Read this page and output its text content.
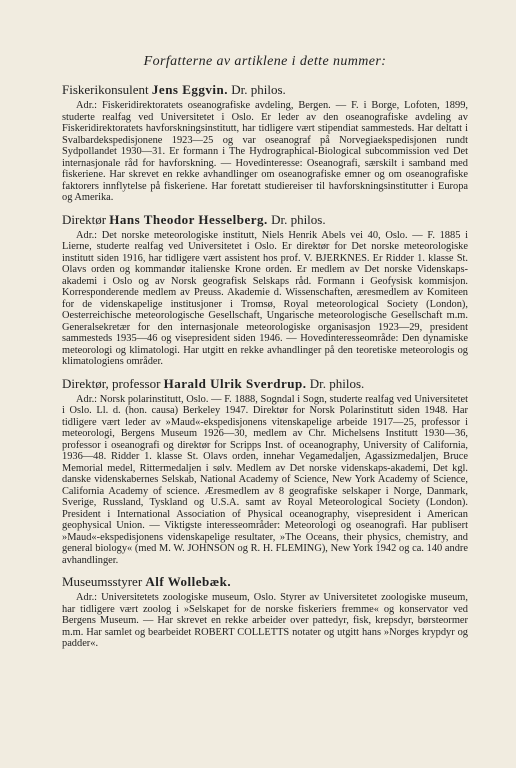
Forfatterne av artiklene i dette nummer:
Fiskerikonsulent Jens Eggvin. Dr. philos.

Adr.: Fiskeridirektoratets oseanografiske avdeling, Bergen. — F. i Borge, Lofoten, 1899, studerte realfag ved Universitetet i Oslo. Er leder av den oseanografiske avdeling av Fiskeridirektoratets havforskningsinstitutt, har tidligere vært stipendiat sammesteds. Har deltatt i Svalbardekspedisjonene 1923—25 og var oseanograf på Norvegiaekspedisjonen rundt Sydpollandet 1930—31. Er formann i The Hydrographical-Biological subcommission ved Det internasjonale råd for havforskning. — Hovedinteresse: Oseanografi, særskilt i samband med fiskeriene. Har skrevet en rekke avhandlinger om oseanografiske emner og om oseanografiske faktorers innflytelse på fiskeriene. Har foretatt studiereiser til havforskningsinstitutter i Europa og Amerika.

Direktør Hans Theodor Hesselberg. Dr. philos.

Adr.: Det norske meteorologiske institutt, Niels Henrik Abels vei 40, Oslo. — F. 1885 i Lierne, studerte realfag ved Universitetet i Oslo. Er direktør for Det norske meteorologiske institutt siden 1916, har tidligere vært assistent hos prof. V. BJERKNES. Er Ridder 1. klasse St. Olavs orden og kommandør italienske Krone orden. Er medlem av Det norske Videnskaps-akademi i Oslo og av Norsk geografisk Selskaps råd. Formann i Geofysisk kommisjon. Korresponderende medlem av Preuss. Akademie d. Wissenschaften, æresmedlem av Komiteen for de videnskapelige institusjoner i Tromsø, Royal meteorological Society (London), Oesterreichische meteorologische Gesellschaft, Ungarische meteorologische Gesellschaft m.m. Generalsekretær for den internasjonale meteorologiske organisasjon 1923—29, president sammesteds 1935—46 og visepresident siden 1946. — Hovedinteresseområde: Den dynamiske meteorologi og klimatologi. Har utgitt en rekke avhandlinger på den teoretiske meteorologis og klimatologiens områder.

Direktør, professor Harald Ulrik Sverdrup. Dr. philos.

Adr.: Norsk polarinstitutt, Oslo. — F. 1888, Sogndal i Sogn, studerte realfag ved Universitetet i Oslo. Ll. d. (hon. causa) Berkeley 1947. Direktør for Norsk Polarinstitutt siden 1948. Har tidligere vært leder av »Maud«-ekspedisjonens vitenskapelige arbeide 1917—25, professor i meteorologi, Bergens Museum 1926—30, medlem av Chr. Michelsens Institutt 1930—36, professor i oseanografi og direktør for Scripps Inst. of oceanography, University of California, 1936—48. Ridder 1. klasse St. Olavs orden, innehar Vegamedaljen, Agassizmedaljen, Bruce Memorial medel, Rittermedaljen i sølv. Medlem av Det norske videnskaps-akademi, Det kgl. danske videnskabernes Selskab, National Academy of Science, New York Academy of Science, California Academy of science. Æresmedlem av 8 geografiske selskaper i Norge, Danmark, Sverige, Russland, Tyskland og U.S.A. samt av Royal Meteorological Society (London). President i International Association of Physical oceanography, visepresident i American geophysical Union. — Viktigste interesseområder: Meteorologi og oseanografi. Har publisert »Maud«-ekspedisjonens videnskapelige resultater, »The Oceans, their physics, chemistry, and general biology« (med M. W. JOHNSON og R. H. FLEMING), New York 1942 og ca. 140 andre avhandlinger.

Museumsstyrer Alf Wollebæk.

Adr.: Universitetets zoologiske museum, Oslo. Styrer av Universitetet zoologiske museum, har tidligere vært zoolog i »Selskapet for de norske fiskeriers fremme« og konservator ved Bergens Museum. — Har skrevet en rekke arbeider over pattedyr, fisk, krepsdyr, børsteormer m.m. Har samlet og bearbeidet ROBERT COLLETTS notater og utgitt hans »Norges krypdyr og padder«.
